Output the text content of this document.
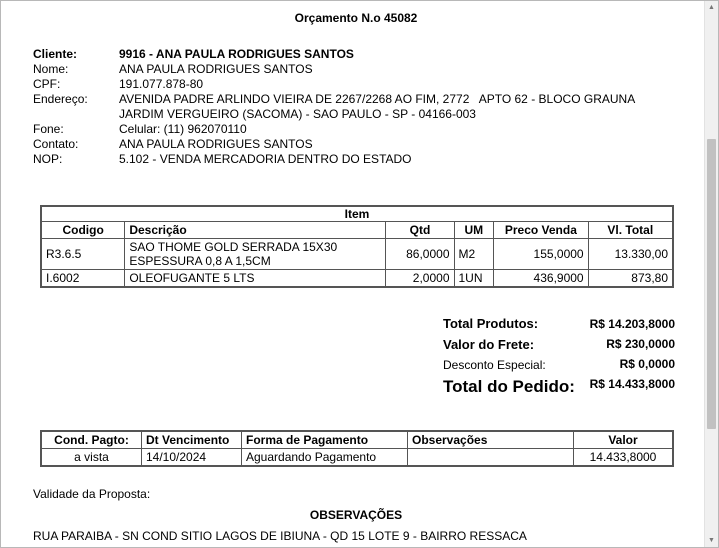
Orçamento N.o 45082
Cliente:	9916 - ANA PAULA RODRIGUES SANTOS
Nome:	ANA PAULA RODRIGUES SANTOS
CPF:	191.077.878-80
Endereço:	AVENIDA PADRE ARLINDO VIEIRA DE 2267/2268 AO FIM, 2772   APTO 62 - BLOCO GRAUNA
JARDIM VERGUEIRO (SACOMA) - SAO PAULO - SP - 04166-003
Fone:	Celular: (11) 962070110
Contato:	ANA PAULA RODRIGUES SANTOS
NOP:	5.102 - VENDA MERCADORIA DENTRO DO ESTADO
Item					
Codigo	Descrição	Qtd	UM	Preco Venda	Vl. Total
R3.6.5	SAO THOME GOLD SERRADA 15X30
ESPESSURA 0,8 A 1,5CM	86,0000	M2	155,0000	13.330,00
I.6002	OLEOFUGANTE 5 LTS	2,0000	1UN	436,9000	873,80
Total Produtos:	R$ 14.203,8000
Valor do Frete:	R$ 230,0000
Desconto Especial:	R$ 0,0000
Total do Pedido: R$ 14.433,8000
Cond. Pagto:	Dt Vencimento	Forma de Pagamento	Observações	Valor
a vista	14/10/2024	Aguardando Pagamento		14.433,8000
Validade da Proposta:
OBSERVAÇÕES
RUA PARAIBA - SN COND SITIO LAGOS DE IBIUNA - QD 15 LOTE 9 - BAIRRO RESSACA
▲
▼
